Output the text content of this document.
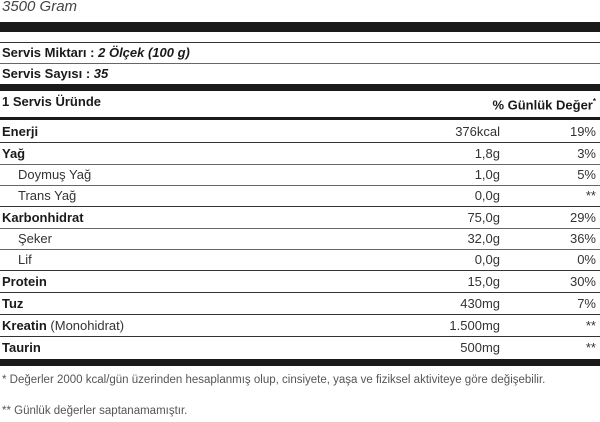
3500 Gram
Servis Miktarı : 2 Ölçek (100 g)
Servis Sayısı : 35
1 Servis Üründe	% Günlük Değer*
Enerji	376kcal	19%
Yağ	1,8g	3%
Doymuş Yağ	1,0g	5%
Trans Yağ	0,0g	**
Karbonhidrat	75,0g	29%
Şeker	32,0g	36%
Lif	0,0g	0%
Protein	15,0g	30%
Tuz	430mg	7%
Kreatin (Monohidrat)	1.500mg	**
Taurin	500mg	**
* Değerler 2000 kcal/gün üzerinden hesaplanmış olup, cinsiyete, yaşa ve fiziksel aktiviteye göre değişebilir.
** Günlük değerler saptanamamıştır.
